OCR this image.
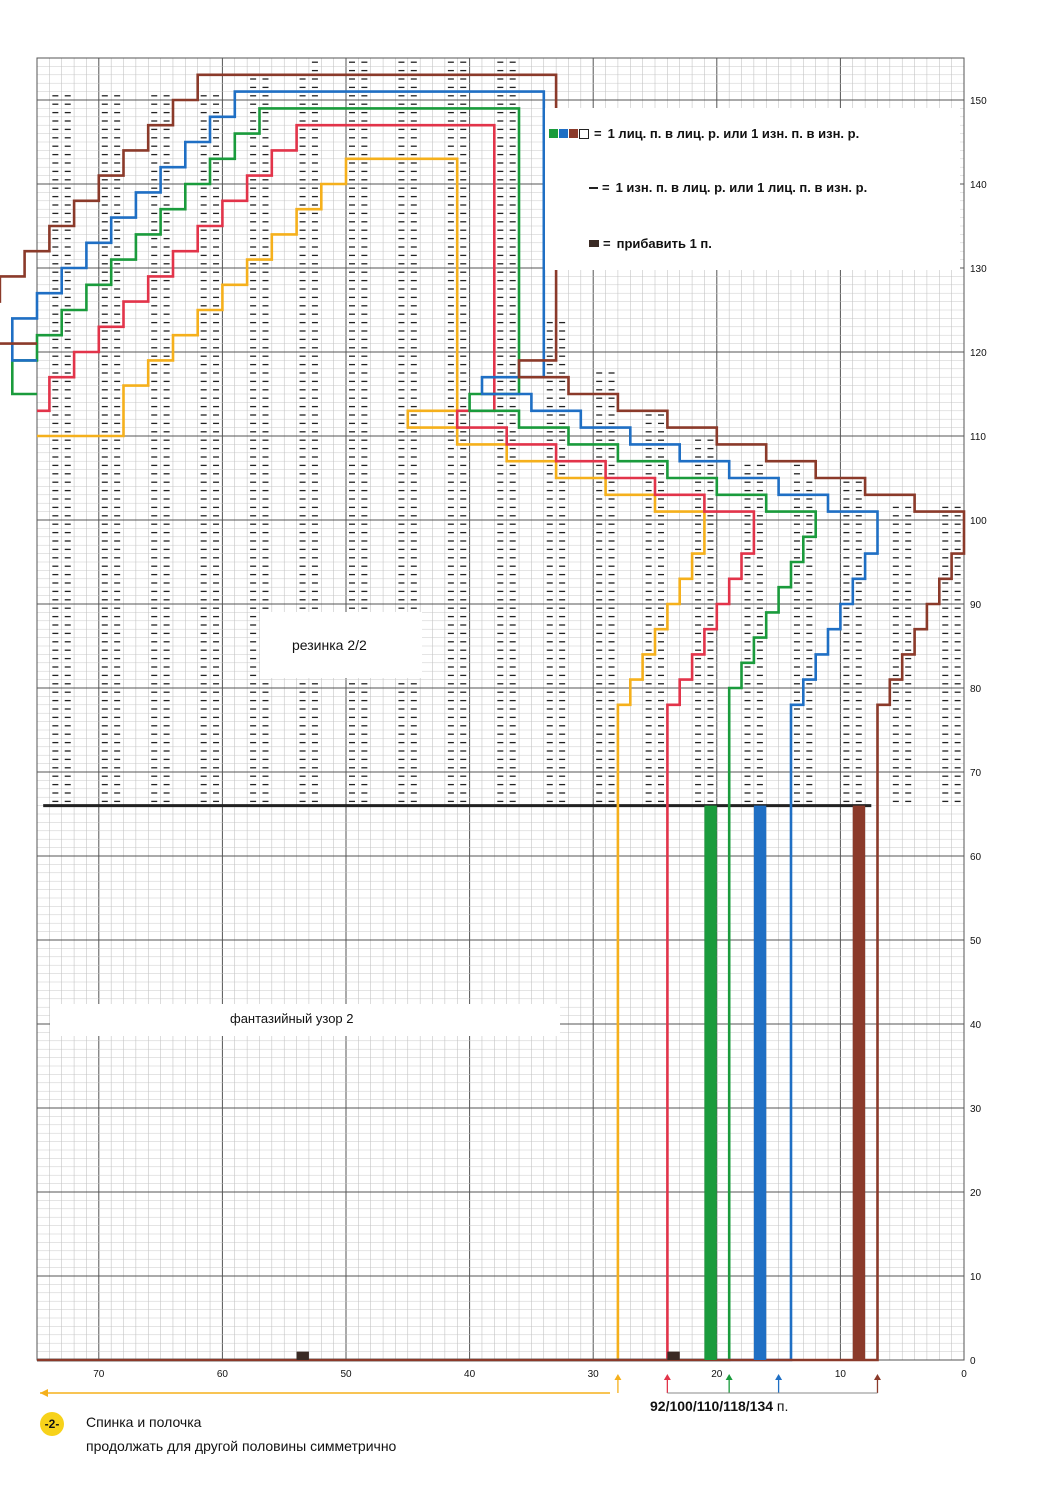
70	60	50	40	30	20	10	0
150
140
130
120
110
100
90
80
70
60
50
40
30
20
10
0
= 1 лиц. п. в лиц. р. или 1 изн. п. в изн. р.
= 1 изн. п. в лиц. р. или 1 лиц. п. в изн. р.
= прибавить 1 п.
резинка 2/2
фантазийный узор 2
92/100/110/118/134 п.
-2-	Спинка и полочка
продолжать для другой половины симметрично
